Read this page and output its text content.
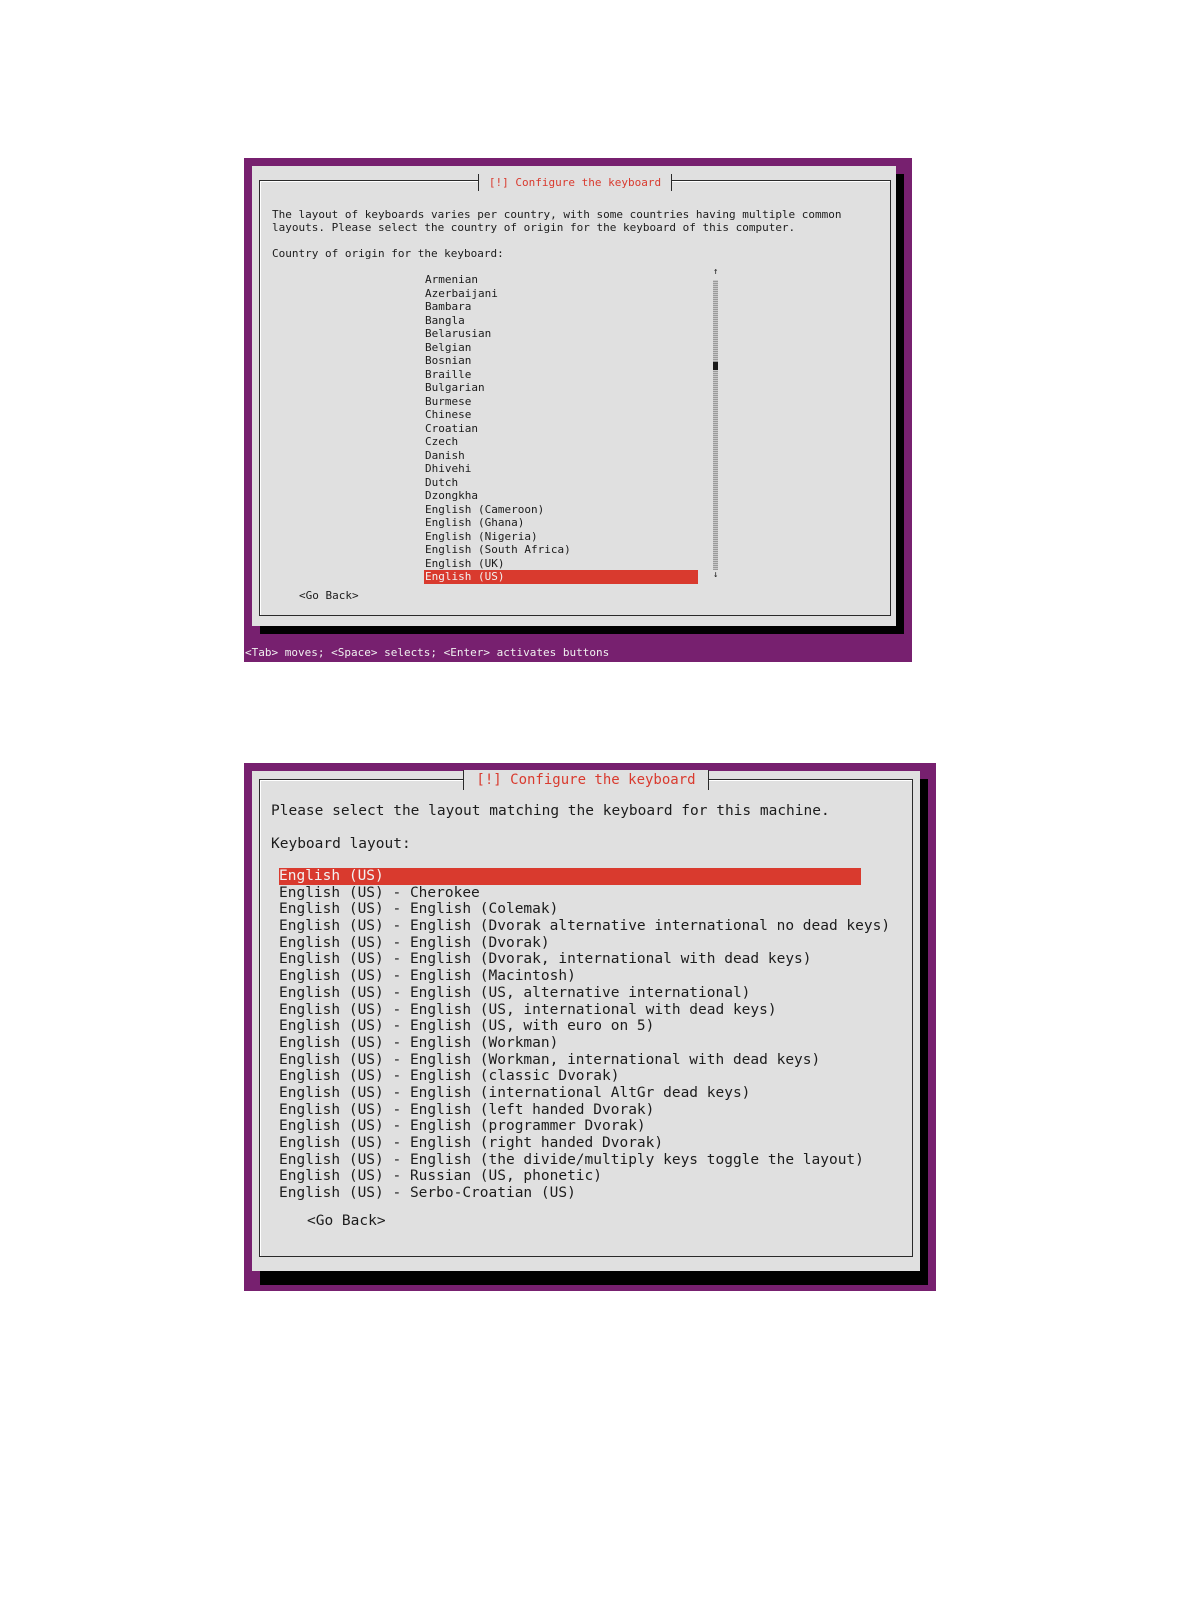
[!] Configure the keyboard
The layout of keyboards varies per country, with some countries having multiple common
layouts. Please select the country of origin for the keyboard of this computer.
Country of origin for the keyboard:
Armenian
Azerbaijani
Bambara
Bangla
Belarusian
Belgian
Bosnian
Braille
Bulgarian
Burmese
Chinese
Croatian
Czech
Danish
Dhivehi
Dutch
Dzongkha
English (Cameroon)
English (Ghana)
English (Nigeria)
English (South Africa)
English (UK)
English (US)
↑
↓
<Go Back>
<Tab> moves; <Space> selects; <Enter> activates buttons
[!] Configure the keyboard
Please select the layout matching the keyboard for this machine.
Keyboard layout:
English (US)
English (US) - Cherokee
English (US) - English (Colemak)
English (US) - English (Dvorak alternative international no dead keys)
English (US) - English (Dvorak)
English (US) - English (Dvorak, international with dead keys)
English (US) - English (Macintosh)
English (US) - English (US, alternative international)
English (US) - English (US, international with dead keys)
English (US) - English (US, with euro on 5)
English (US) - English (Workman)
English (US) - English (Workman, international with dead keys)
English (US) - English (classic Dvorak)
English (US) - English (international AltGr dead keys)
English (US) - English (left handed Dvorak)
English (US) - English (programmer Dvorak)
English (US) - English (right handed Dvorak)
English (US) - English (the divide/multiply keys toggle the layout)
English (US) - Russian (US, phonetic)
English (US) - Serbo-Croatian (US)
<Go Back>
